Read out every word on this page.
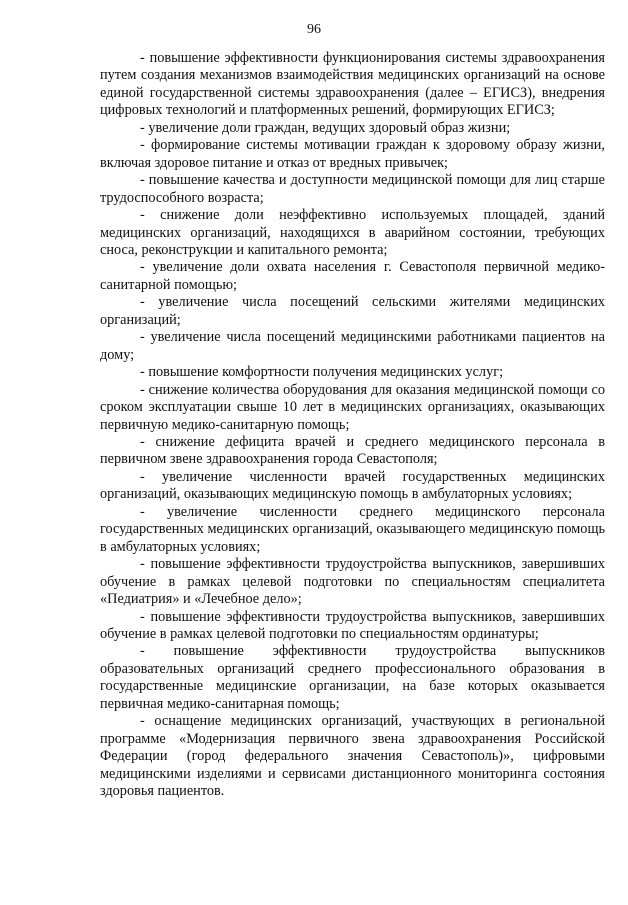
96

- повышение эффективности функционирования системы здравоохранения путем создания механизмов взаимодействия медицинских организаций на основе единой государственной системы здравоохранения (далее – ЕГИСЗ), внедрения цифровых технологий и платформенных решений, формирующих ЕГИСЗ;

- увеличение доли граждан, ведущих здоровый образ жизни;

- формирование системы мотивации граждан к здоровому образу жизни, включая здоровое питание и отказ от вредных привычек;

- повышение качества и доступности медицинской помощи для лиц старше трудоспособного возраста;

- снижение доли неэффективно используемых площадей, зданий медицинских организаций, находящихся в аварийном состоянии, требующих сноса, реконструкции и капитального ремонта;

- увеличение доли охвата населения г. Севастополя первичной медико-санитарной помощью;

- увеличение числа посещений сельскими жителями медицинских организаций;

- увеличение числа посещений медицинскими работниками пациентов на дому;

- повышение комфортности получения медицинских услуг;

- снижение количества оборудования для оказания медицинской помощи со сроком эксплуатации свыше 10 лет в медицинских организациях, оказывающих первичную медико-санитарную помощь;

- снижение дефицита врачей и среднего медицинского персонала в первичном звене здравоохранения города Севастополя;

- увеличение численности врачей государственных медицинских организаций, оказывающих медицинскую помощь в амбулаторных условиях;

- увеличение численности среднего медицинского персонала государственных медицинских организаций, оказывающего медицинскую помощь в амбулаторных условиях;

- повышение эффективности трудоустройства выпускников, завершивших обучение в рамках целевой подготовки по специальностям специалитета «Педиатрия» и «Лечебное дело»;

- повышение эффективности трудоустройства выпускников, завершивших обучение в рамках целевой подготовки по специальностям ординатуры;

- повышение эффективности трудоустройства выпускников образовательных организаций среднего профессионального образования в государственные медицинские организации, на базе которых оказывается первичная медико-санитарная помощь;

- оснащение медицинских организаций, участвующих в региональной программе «Модернизация первичного звена здравоохранения Российской Федерации (город федерального значения Севастополь)», цифровыми медицинскими изделиями и сервисами дистанционного мониторинга состояния здоровья пациентов.
